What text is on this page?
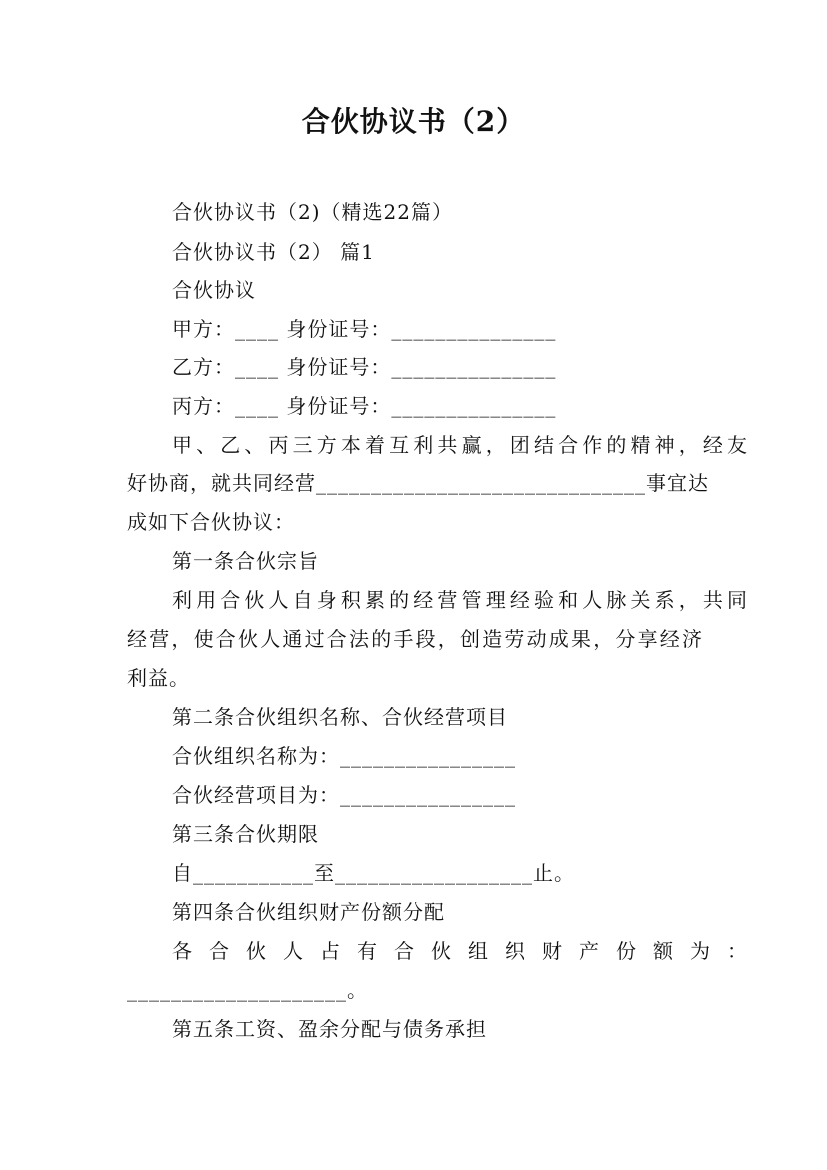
合伙协议书（2）
合伙协议书（2)（精选22篇）
合伙协议书（2） 篇1
合伙协议
甲方：____ 身份证号：_______________
乙方：____ 身份证号：_______________
丙方：____ 身份证号：_______________
甲、乙、丙三方本着互利共赢，团结合作的精神，经友
好协商，就共同经营______________________________事宜达
成如下合伙协议：
第一条合伙宗旨
利用合伙人自身积累的经营管理经验和人脉关系，共同
经营，使合伙人通过合法的手段，创造劳动成果，分享经济
利益。
第二条合伙组织名称、合伙经营项目
合伙组织名称为：________________
合伙经营项目为：________________
第三条合伙期限
自___________至__________________止。
第四条合伙组织财产份额分配
各合伙人占有合伙组织财产份额为：
____________________。
第五条工资、盈余分配与债务承担
